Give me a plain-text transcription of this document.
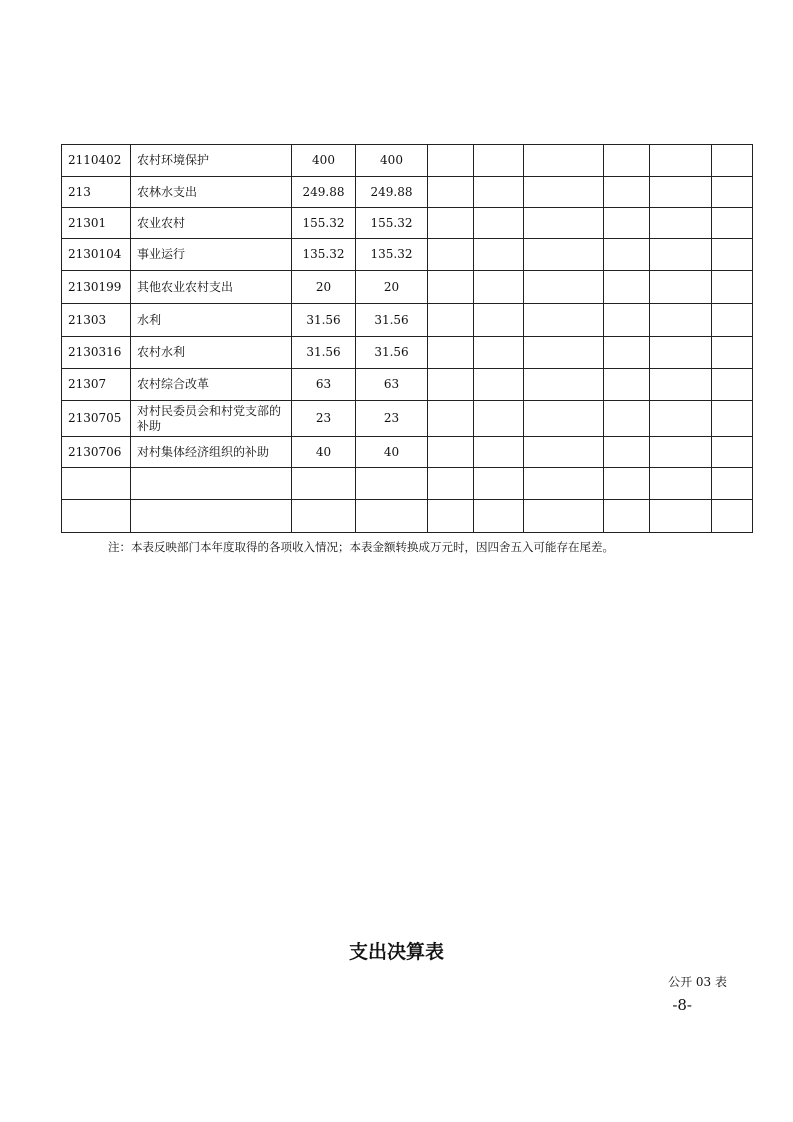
2110402	农村环境保护	400	400						
213	农林水支出	249.88	249.88						
21301	农业农村	155.32	155.32						
2130104	事业运行	135.32	135.32						
2130199	其他农业农村支出	20	20						
21303	水利	31.56	31.56						
2130316	农村水利	31.56	31.56						
21307	农村综合改革	63	63						
2130705	对村民委员会和村党支部的补助	23	23						
2130706	对村集体经济组织的补助	40	40						

注：本表反映部门本年度取得的各项收入情况；本表金额转换成万元时，因四舍五入可能存在尾差。
支出决算表
公开 03 表
-8-
